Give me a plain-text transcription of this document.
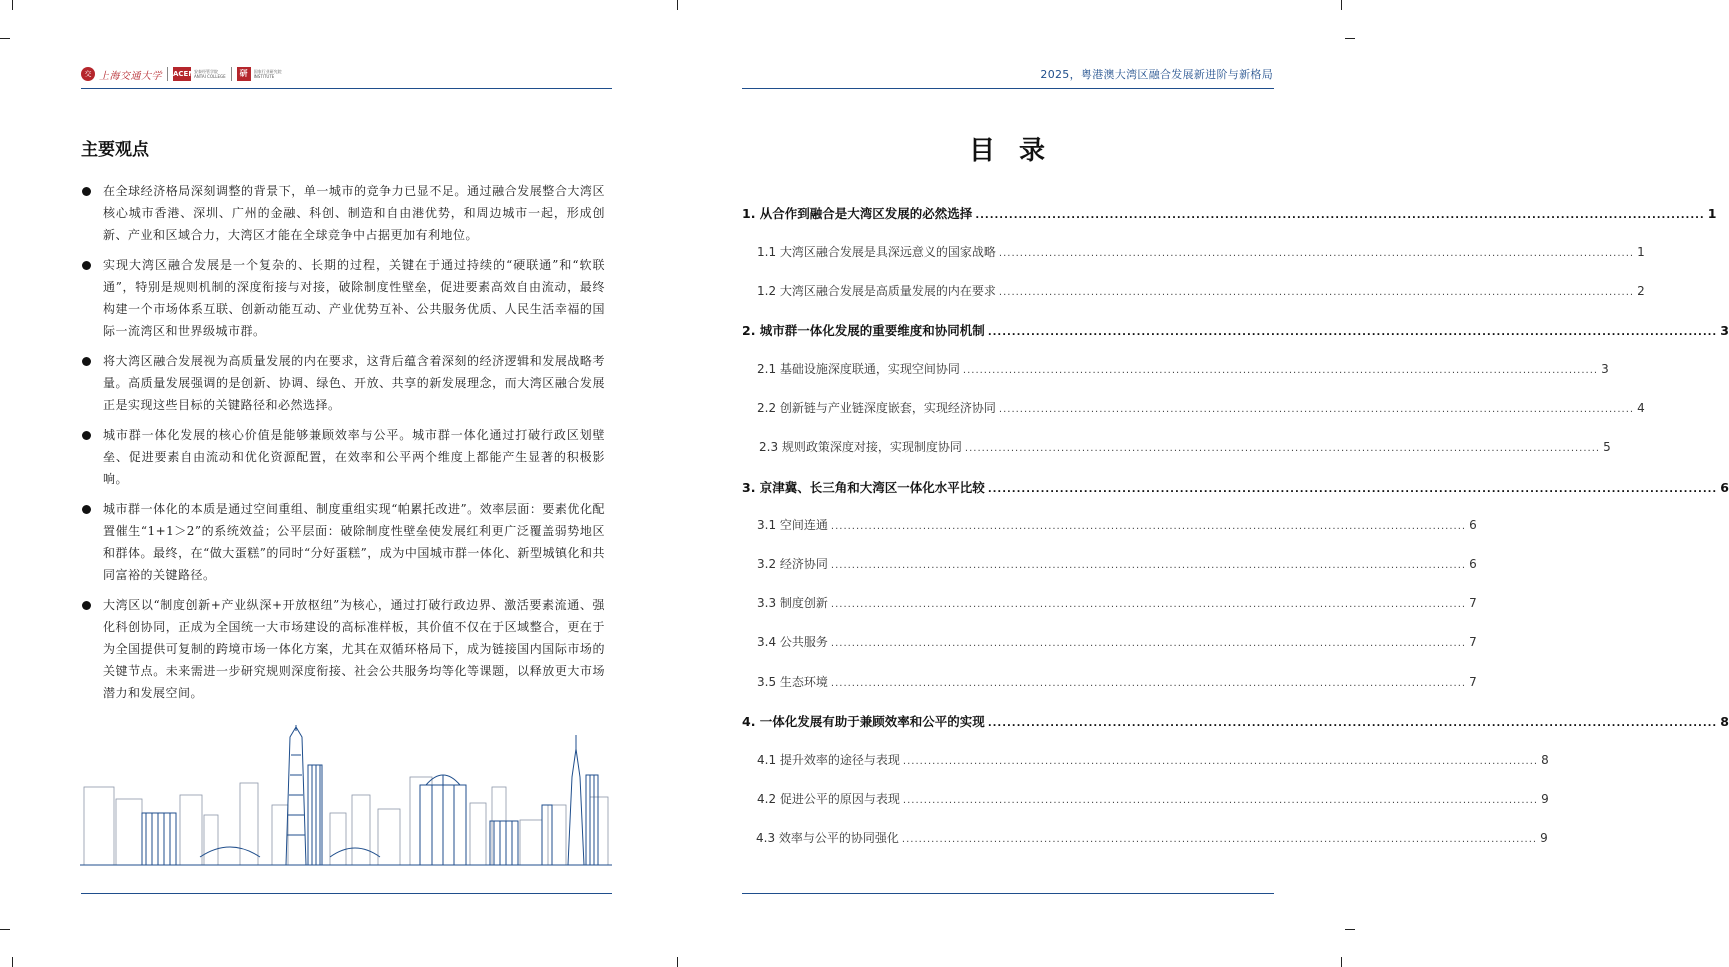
交 上海交通大学 ACEM
安泰经管学院
ANTAI COLLEGE	研	国家行业研究院
INSTITUTE	2025，粤港澳大湾区融合发展新进阶与新格局
主要观点
在全球经济格局深刻调整的背景下，单一城市的竞争力已显不足。通过融合发展整合大湾区核心城市香港、深圳、广州的金融、科创、制造和自由港优势，和周边城市一起，形成创新、产业和区域合力，大湾区才能在全球竞争中占据更加有利地位。
实现大湾区融合发展是一个复杂的、长期的过程，关键在于通过持续的“硬联通”和“软联通”，特别是规则机制的深度衔接与对接，破除制度性壁垒，促进要素高效自由流动，最终构建一个市场体系互联、创新动能互动、产业优势互补、公共服务优质、人民生活幸福的国际一流湾区和世界级城市群。
将大湾区融合发展视为高质量发展的内在要求，这背后蕴含着深刻的经济逻辑和发展战略考量。高质量发展强调的是创新、协调、绿色、开放、共享的新发展理念，而大湾区融合发展正是实现这些目标的关键路径和必然选择。
城市群一体化发展的核心价值是能够兼顾效率与公平。城市群一体化通过打破行政区划壁垒、促进要素自由流动和优化资源配置，在效率和公平两个维度上都能产生显著的积极影响。
城市群一体化的本质是通过空间重组、制度重组实现“帕累托改进”。效率层面：要素优化配置催生“1+1＞2”的系统效益；公平层面：破除制度性壁垒使发展红利更广泛覆盖弱势地区和群体。最终，在“做大蛋糕”的同时“分好蛋糕”，成为中国城市群一体化、新型城镇化和共同富裕的关键路径。
大湾区以“制度创新+产业纵深+开放枢纽”为核心，通过打破行政边界、激活要素流通、强化科创协同，正成为全国统一大市场建设的高标准样板，其价值不仅在于区域整合，更在于为全国提供可复制的跨境市场一体化方案，尤其在双循环格局下，成为链接国内国际市场的关键节点。未来需进一步研究规则深度衔接、社会公共服务均等化等课题，以释放更大市场潜力和发展空间。
目录
1. 从合作到融合是大湾区发展的必然选择 ........................................................................................................................................................ 1
1.1 大湾区融合发展是具深远意义的国家战略 ........................................................................................................................................................ 1
1.2 大湾区融合发展是高质量发展的内在要求 ........................................................................................................................................................ 2
2. 城市群一体化发展的重要维度和协同机制 ........................................................................................................................................................ 3
2.1 基础设施深度联通，实现空间协同 ........................................................................................................................................................ 3
2.2 创新链与产业链深度嵌套，实现经济协同 ........................................................................................................................................................ 4
2.3 规则政策深度对接，实现制度协同 ........................................................................................................................................................ 5
3. 京津冀、长三角和大湾区一体化水平比较 ........................................................................................................................................................ 6
3.1 空间连通 ........................................................................................................................................................ 6
3.2 经济协同 ........................................................................................................................................................ 6
3.3 制度创新 ........................................................................................................................................................ 7
3.4 公共服务 ........................................................................................................................................................ 7
3.5 生态环境 ........................................................................................................................................................ 7
4. 一体化发展有助于兼顾效率和公平的实现 ........................................................................................................................................................ 8
4.1 提升效率的途径与表现 ........................................................................................................................................................ 8
4.2 促进公平的原因与表现 ........................................................................................................................................................ 9
4.3 效率与公平的协同强化 ........................................................................................................................................................ 9
